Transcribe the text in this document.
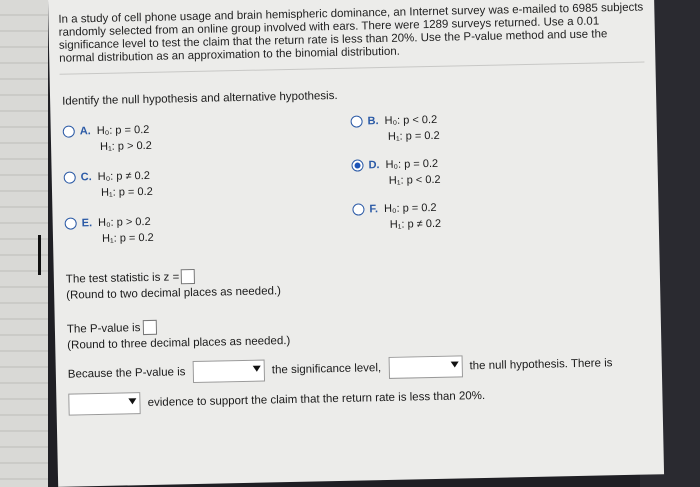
In a study of cell phone usage and brain hemispheric dominance, an Internet survey was e-mailed to 6985 subjects randomly selected from an online group involved with ears. There were 1289 surveys returned. Use a 0.01 significance level to test the claim that the return rate is less than 20%. Use the P-value method and use the normal distribution as an approximation to the binomial distribution.
Identify the null hypothesis and alternative hypothesis.
A. H₀: p = 0.2
H₁: p > 0.2
B. H₀: p < 0.2
H₁: p = 0.2
C. H₀: p ≠ 0.2
H₁: p = 0.2
D. H₀: p = 0.2
H₁: p < 0.2
E. H₀: p > 0.2
H₁: p = 0.2
F. H₀: p = 0.2
H₁: p ≠ 0.2
The test statistic is z =
(Round to two decimal places as needed.)
The P-value is
(Round to three decimal places as needed.)
Because the P-value is	the significance level,	the null hypothesis. There is
evidence to support the claim that the return rate is less than 20%.
